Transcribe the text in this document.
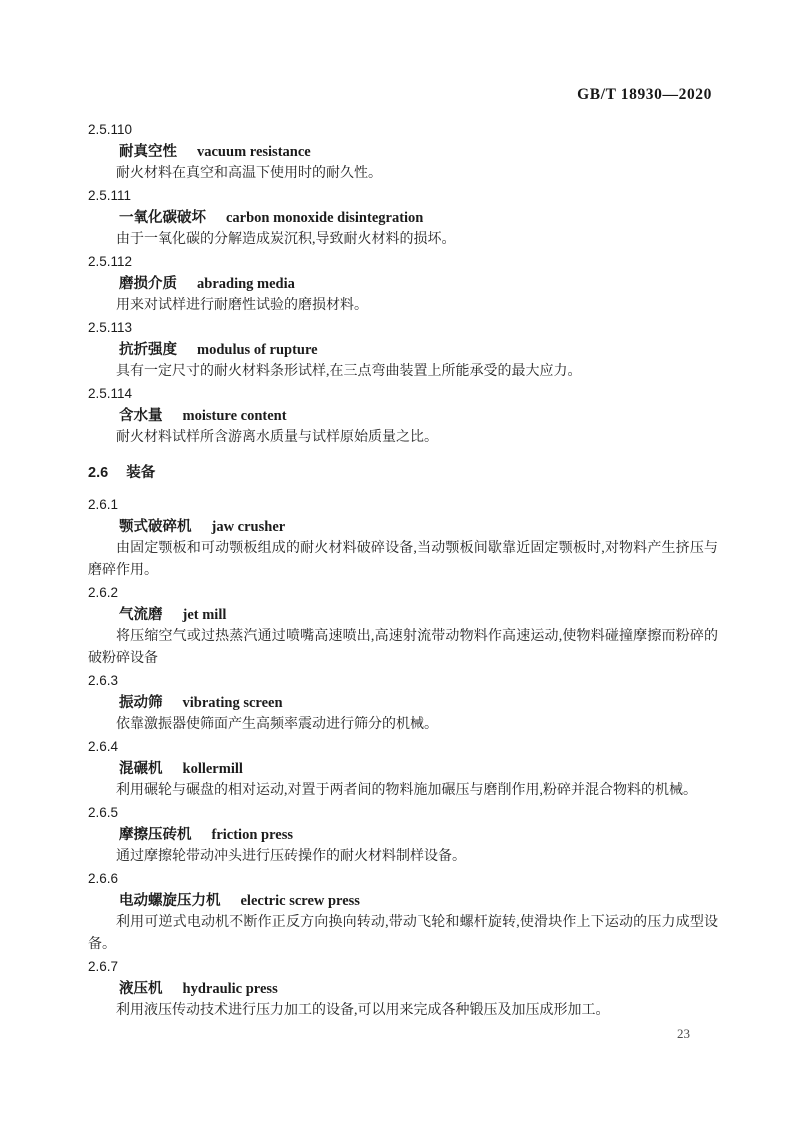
GB/T 18930—2020
2.5.110
耐真空性 vacuum resistance

耐火材料在真空和高温下使用时的耐久性。

2.5.111
一氧化碳破坏 carbon monoxide disintegration

由于一氧化碳的分解造成炭沉积,导致耐火材料的损坏。

2.5.112
磨损介质 abrading media

用来对试样进行耐磨性试验的磨损材料。

2.5.113
抗折强度 modulus of rupture

具有一定尺寸的耐火材料条形试样,在三点弯曲装置上所能承受的最大应力。

2.5.114
含水量 moisture content

耐火材料试样所含游离水质量与试样原始质量之比。

2.6 装备
2.6.1
颚式破碎机 jaw crusher

由固定颚板和可动颚板组成的耐火材料破碎设备,当动颚板间歇靠近固定颚板时,对物料产生挤压与磨碎作用。

2.6.2
气流磨 jet mill

将压缩空气或过热蒸汽通过喷嘴高速喷出,高速射流带动物料作高速运动,使物料碰撞摩擦而粉碎的破粉碎设备

2.6.3
振动筛 vibrating screen

依靠激振器使筛面产生高频率震动进行筛分的机械。

2.6.4
混碾机 kollermill

利用碾轮与碾盘的相对运动,对置于两者间的物料施加碾压与磨削作用,粉碎并混合物料的机械。

2.6.5
摩擦压砖机 friction press

通过摩擦轮带动冲头进行压砖操作的耐火材料制样设备。

2.6.6
电动螺旋压力机 electric screw press

利用可逆式电动机不断作正反方向换向转动,带动飞轮和螺杆旋转,使滑块作上下运动的压力成型设备。

2.6.7
液压机 hydraulic press

利用液压传动技术进行压力加工的设备,可以用来完成各种锻压及加压成形加工。

23
